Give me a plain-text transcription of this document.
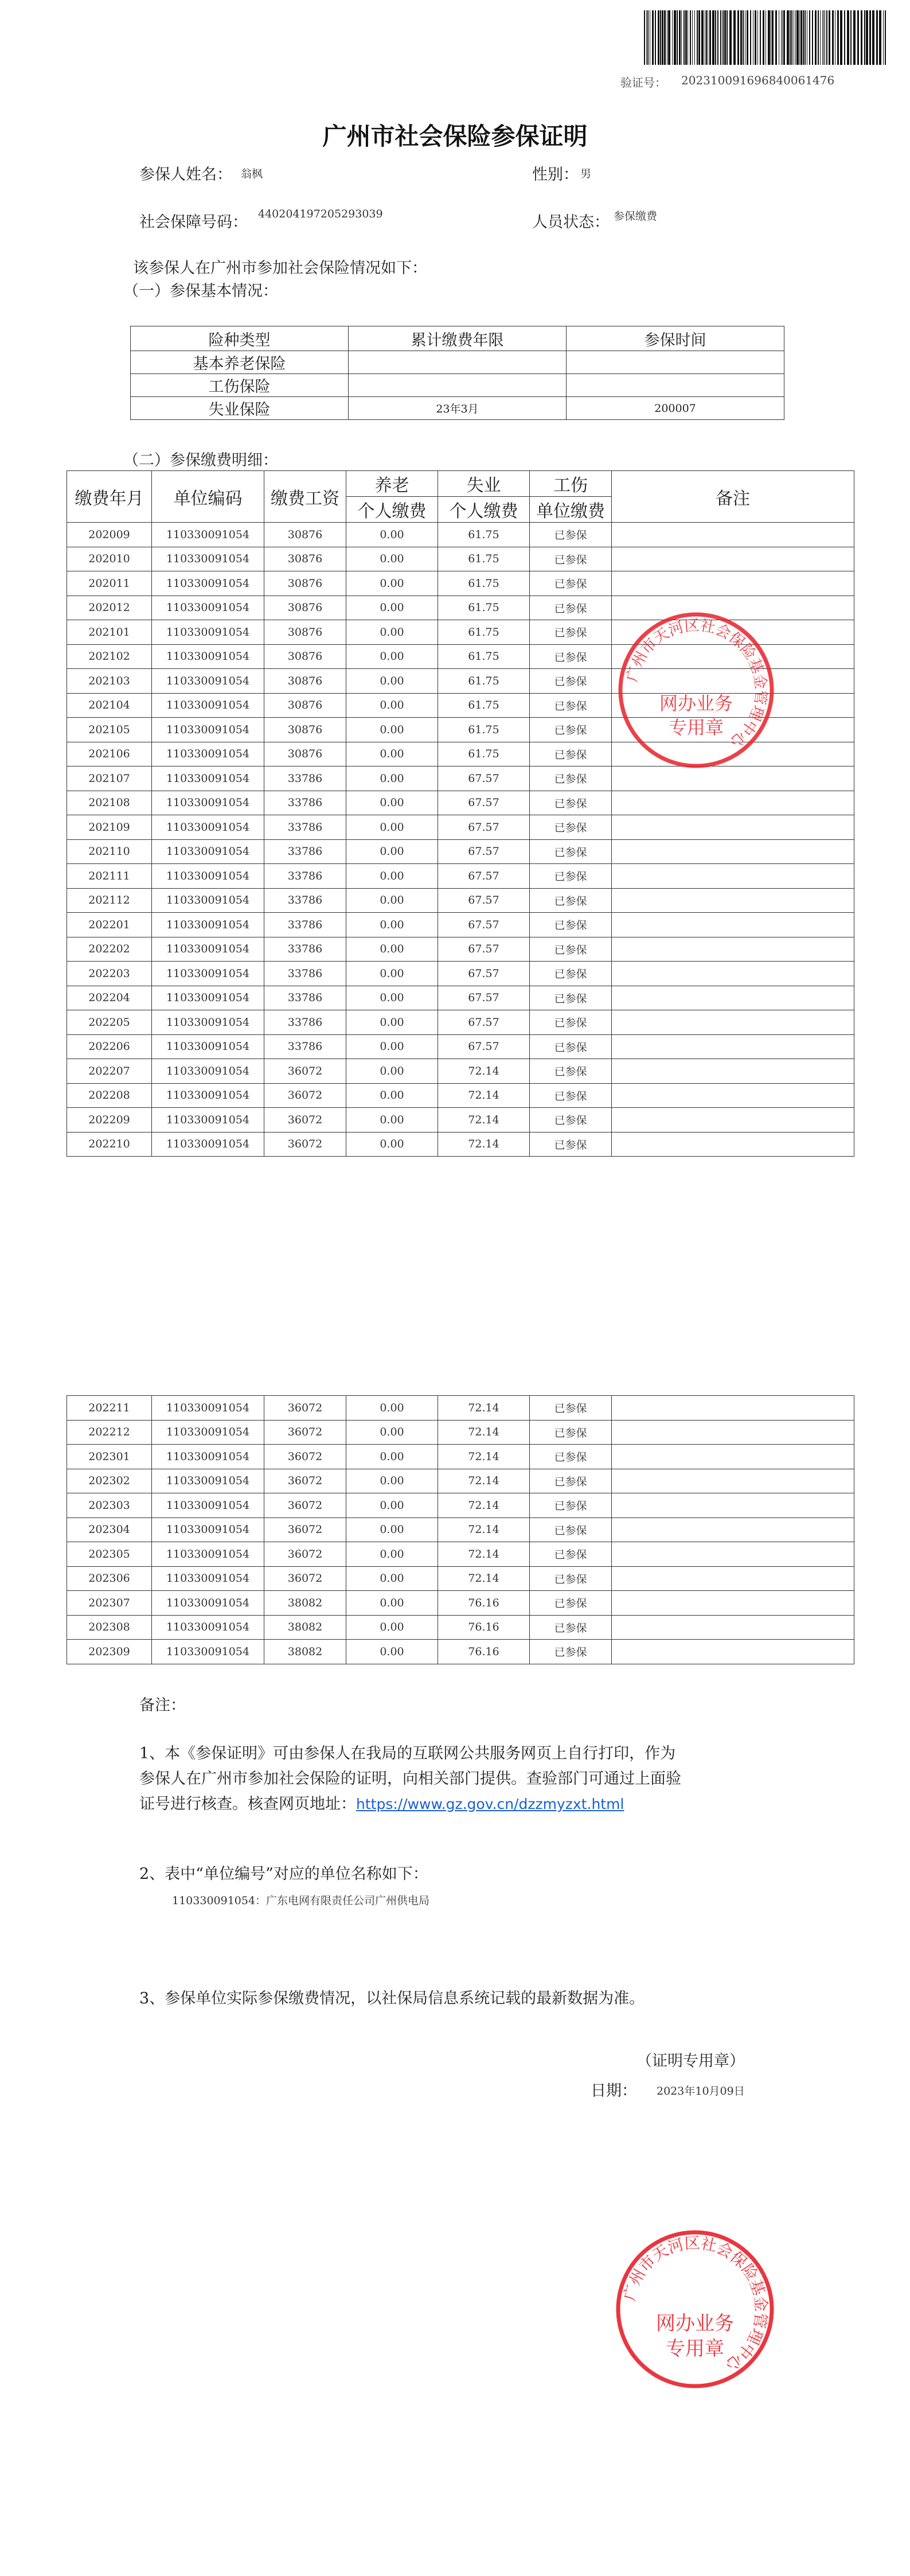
验证号： 20231009169684006147​6
广州市社会保险参保证明
参保人姓名： 翁枫	性别： 男
社会保障号码： 440204197205293039	人员状态： 参保缴费
该参保人在广州市参加社会保险情况如下：
（一）参保基本情况：
险种类型	累计缴费年限	参保时间
基本养老保险		
工伤保险		
失业保险	23年3月	200007
（二）参保缴费明细：
缴费年月	单位编码	缴费工资	养老	失业	工伤	备注
			个人缴费	个人缴费	单位缴费	
202009	110330091054	30876	0.00	61.75	已参保	
202010	110330091054	30876	0.00	61.75	已参保	
202011	110330091054	30876	0.00	61.75	已参保	
202012	110330091054	30876	0.00	61.75	已参保	
202101	110330091054	30876	0.00	61.75	已参保	
202102	110330091054	30876	0.00	61.75	已参保	
202103	110330091054	30876	0.00	61.75	已参保	
202104	110330091054	30876	0.00	61.75	已参保	
202105	110330091054	30876	0.00	61.75	已参保	
202106	110330091054	30876	0.00	61.75	已参保	
202107	110330091054	33786	0.00	67.57	已参保	
202108	110330091054	33786	0.00	67.57	已参保	
202109	110330091054	33786	0.00	67.57	已参保	
202110	110330091054	33786	0.00	67.57	已参保	
202111	110330091054	33786	0.00	67.57	已参保	
202112	110330091054	33786	0.00	67.57	已参保	
202201	110330091054	33786	0.00	67.57	已参保	
202202	110330091054	33786	0.00	67.57	已参保	
202203	110330091054	33786	0.00	67.57	已参保	
202204	110330091054	33786	0.00	67.57	已参保	
202205	110330091054	33786	0.00	67.57	已参保	
202206	110330091054	33786	0.00	67.57	已参保	
202207	110330091054	36072	0.00	72.14	已参保	
202208	110330091054	36072	0.00	72.14	已参保	
202209	110330091054	36072	0.00	72.14	已参保	
202210	110330091054	36072	0.00	72.14	已参保	
202211	110330091054	36072	0.00	72.14	已参保	
202212	110330091054	36072	0.00	72.14	已参保	
202301	110330091054	36072	0.00	72.14	已参保	
202302	110330091054	36072	0.00	72.14	已参保	
202303	110330091054	36072	0.00	72.14	已参保	
202304	110330091054	36072	0.00	72.14	已参保	
202305	110330091054	36072	0.00	72.14	已参保	
202306	110330091054	36072	0.00	72.14	已参保	
202307	110330091054	38082	0.00	76.16	已参保	
202308	110330091054	38082	0.00	76.16	已参保	
202309	110330091054	38082	0.00	76.16	已参保	
备注：
1、本《参保证明》可由参保人在我局的互联网公共服务网页上自行打印，作为
参保人在广州市参加社会保险的证明，向相关部门提供。查验部门可通过上面验
证号进行核查。核查网页地址：https://www.gz.gov.cn/dzzmyzxt.html
2、表中“单位编号”对应的单位名称如下：
110330091054：广东电网有限责任公司广州供电局
3、参保单位实际参保缴费情况，以社保局信息系统记载的最新数据为准。
（证明专用章）
日期： 2023年10月09日
广州市天河区社会保险基金管理中心
网办业务
专用章
广州市天河区社会保险基金管理中心
网办业务
专用章
